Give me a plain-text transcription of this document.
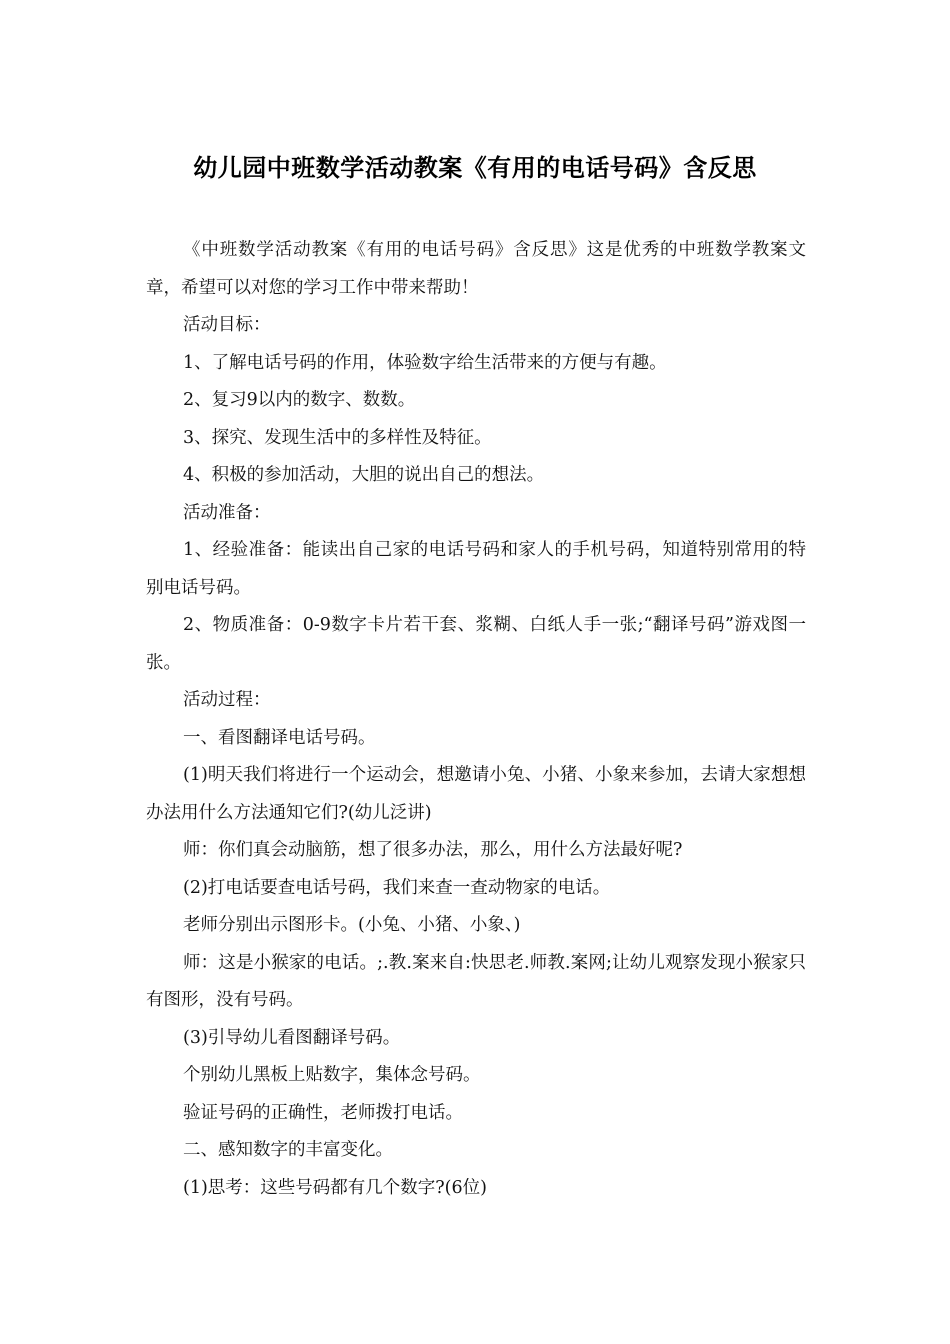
幼儿园中班数学活动教案《有用的电话号码》含反思

《中班数学活动教案《有用的电话号码》含反思》这是优秀的中班数学教案文章，希望可以对您的学习工作中带来帮助！

活动目标：

1、了解电话号码的作用，体验数字给生活带来的方便与有趣。

2、复习9以内的数字、数数。

3、探究、发现生活中的多样性及特征。

4、积极的参加活动，大胆的说出自己的想法。

活动准备：

1、经验准备：能读出自己家的电话号码和家人的手机号码，知道特别常用的特别电话号码。

2、物质准备：0-9数字卡片若干套、浆糊、白纸人手一张;“翻译号码”游戏图一张。

活动过程：

一、看图翻译电话号码。

(1)明天我们将进行一个运动会，想邀请小兔、小猪、小象来参加，去请大家想想办法用什么方法通知它们?(幼儿泛讲)

师：你们真会动脑筋，想了很多办法，那么，用什么方法最好呢?

(2)打电话要查电话号码，我们来查一查动物家的电话。

老师分别出示图形卡。(小兔、小猪、小象、)

师：这是小猴家的电话。;.教.案来自:快思老.师教.案网;让幼儿观察发现小猴家只有图形，没有号码。

(3)引导幼儿看图翻译号码。

个别幼儿黑板上贴数字，集体念号码。

验证号码的正确性，老师拨打电话。

二、感知数字的丰富变化。

(1)思考：这些号码都有几个数字?(6位)
